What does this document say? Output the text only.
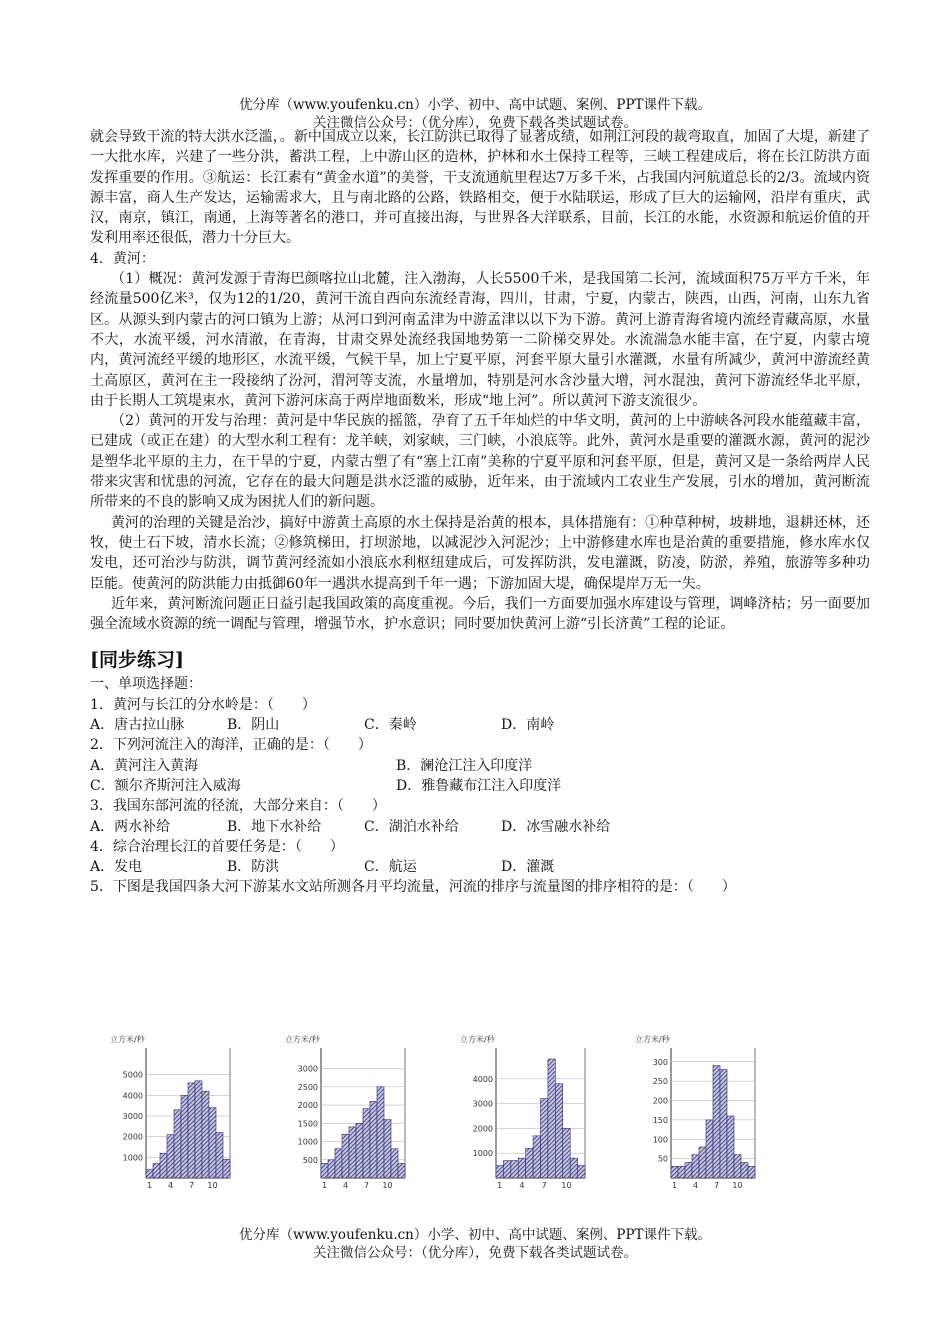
优分库（www.youfenku.cn）小学、初中、高中试题、案例、PPT课件下载。
关注微信公众号：（优分库），免费下载各类试题试卷。

就会导致干流的特大洪水泛滥，。新中国成立以来，长江防洪已取得了显著成绩，如荆江河段的裁弯取直，加固了大堤，新建了一大批水库，兴建了一些分洪，蓄洪工程，上中游山区的造林，护林和水土保持工程等，三峡工程建成后，将在长江防洪方面发挥重要的作用。③航运：长江素有“黄金水道”的美誉，干支流通航里程达7万多千米，占我国内河航道总长的2/3。流域内资源丰富，商人生产发达，运输需求大，且与南北路的公路，铁路相交，便于水陆联运，形成了巨大的运输网，沿岸有重庆，武汉，南京，镇江，南通，上海等著名的港口，并可直接出海，与世界各大洋联系，目前，长江的水能，水资源和航运价值的开发利用率还很低，潜力十分巨大。

4．黄河：

（1）概况：黄河发源于青海巴颜喀拉山北麓，注入渤海，人长5500千米，是我国第二长河，流域面积75万平方千米，年经流量500亿米³，仅为12的1/20，黄河干流自西向东流经青海，四川，甘肃，宁夏，内蒙古，陕西，山西，河南，山东九省区。从源头到内蒙古的河口镇为上游；从河口到河南孟津为中游孟津以以下为下游。黄河上游青海省境内流经青藏高原，水量不大，水流平缓，河水清澈，在青海，甘肃交界处流经我国地势第一二阶梯交界处。水流湍急水能丰富，在宁夏，内蒙古境内，黄河流经平缓的地形区，水流平缓，气候干旱，加上宁夏平原，河套平原大量引水灌溉，水量有所减少，黄河中游流经黄土高原区，黄河在主一段接纳了汾河，渭河等支流，水量增加，特别是河水含沙量大增，河水混浊，黄河下游流经华北平原，由于长期人工筑堤束水，黄河下游河床高于两岸地面数米，形成“地上河”。所以黄河下游支流很少。

（2）黄河的开发与治理：黄河是中华民族的摇篮，孕育了五千年灿烂的中华文明，黄河的上中游峡各河段水能蕴藏丰富，已建成（或正在建）的大型水利工程有：龙羊峡，刘家峡，三门峡，小浪底等。此外，黄河水是重要的灌溉水源，黄河的泥沙是塑华北平原的主力，在干旱的宁夏，内蒙古塑了有“塞上江南”美称的宁夏平原和河套平原，但是，黄河又是一条给两岸人民带来灾害和忧患的河流，它存在的最大问题是洪水泛滥的威胁，近年来，由于流域内工农业生产发展，引水的增加，黄河断流所带来的不良的影响又成为困扰人们的新问题。

黄河的治理的关键是治沙，搞好中游黄土高原的水土保持是治黄的根本，具体措施有：①种草种树，坡耕地，退耕还林，还牧，使土石下坡，清水长流；②修筑梯田，打坝淤地，以减泥沙入河泥沙；上中游修建水库也是治黄的重要措施，修水库水仅发电，还可治沙与防洪，调节黄河经流如小浪底水利枢纽建成后，可发挥防洪，发电灌溉，防凌，防淤，养殖，旅游等多种功臣能。使黄河的防洪能力由抵御60年一遇洪水提高到千年一遇；下游加固大堤，确保堤岸万无一失。

近年来，黄河断流问题正日益引起我国政策的高度重视。今后，我们一方面要加强水库建设与管理，调峰济枯；另一面要加强全流域水资源的统一调配与管理，增强节水，护水意识；同时要加快黄河上游“引长济黄”工程的论证。

[同步练习]

一、单项选择题：

1．黄河与长江的分水岭是：（　　）

A．唐古拉山脉	B．阴山	C．秦岭	D．南岭

2．下列河流注入的海洋，正确的是：（　　）

A．黄河注入黄海	B．澜沧江注入印度洋
C．额尔齐斯河注入威海	D．雅鲁藏布江注入印度洋

3．我国东部河流的径流，大部分来自：（　　）

A．两水补给	B．地下水补给	C．湖泊水补给	D．冰雪融水补给

4．综合治理长江的首要任务是：（　　）

A．发电	B．防洪	C．航运	D．灌溉

5．下图是我国四条大河下游某水文站所测各月平均流量，河流的排序与流量图的排序相符的是：（　　）

立方米/秒
1000
2000
3000
4000
5000
1 4 7 10
立方米/秒
500
1000
1500
2000
2500
3000
1 4 7 10
立方米/秒
1000
2000
3000
4000
1 4 7 10
立方米/秒
50
100
150
200
250
300
1 4 7 10
优分库（www.youfenku.cn）小学、初中、高中试题、案例、PPT课件下载。
关注微信公众号：（优分库），免费下载各类试题试卷。
